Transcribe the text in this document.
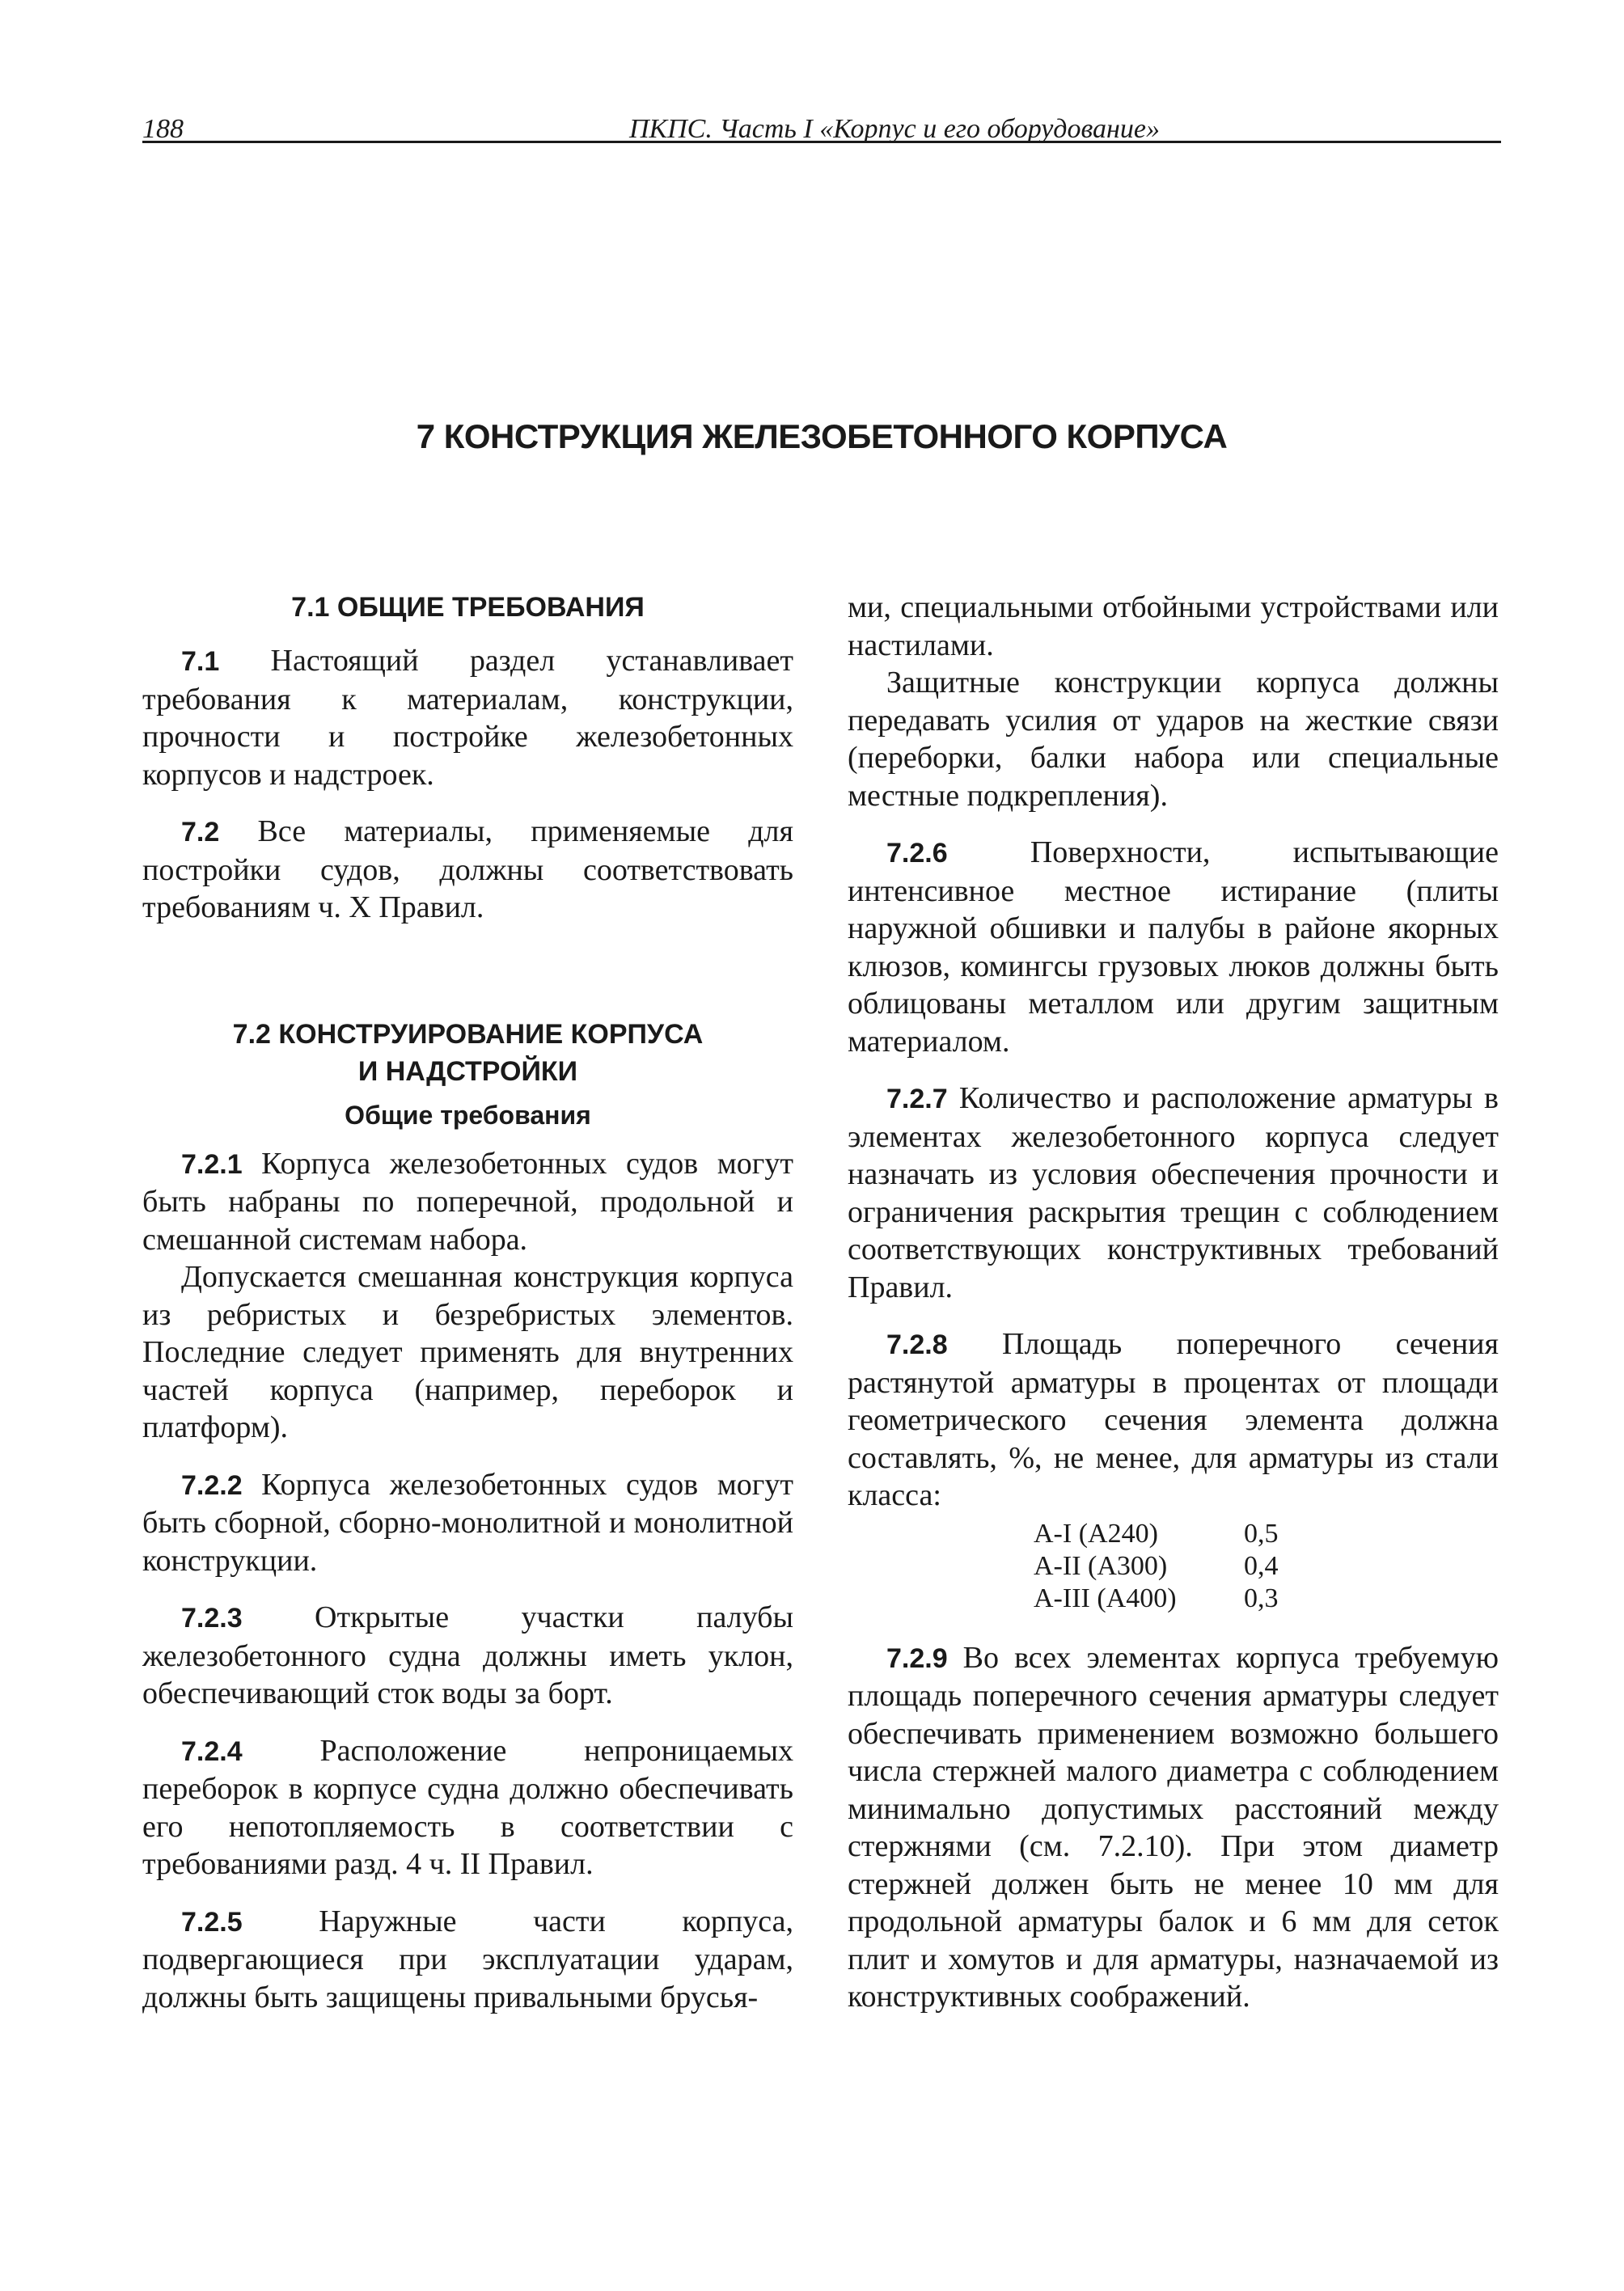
188	ПКПС. Часть I «Корпус и его оборудование»
7 КОНСТРУКЦИЯ ЖЕЛЕЗОБЕТОННОГО КОРПУСА
7.1 ОБЩИЕ ТРЕБОВАНИЯ

7.1 Настоящий раздел устанавливает требования к материалам, конструкции, прочности и постройке железобетонных корпусов и надстроек.

7.2 Все материалы, применяемые для постройки судов, должны соответствовать требованиям ч. X Правил.

7.2 КОНСТРУИРОВАНИЕ КОРПУСА
И НАДСТРОЙКИ
Общие требования

7.2.1 Корпуса железобетонных судов могут быть набраны по поперечной, продольной и смешанной системам набора.

Допускается смешанная конструкция корпуса из ребристых и безребристых элементов. Последние следует применять для внутренних частей корпуса (например, переборок и платформ).

7.2.2 Корпуса железобетонных судов могут быть сборной, сборно-монолитной и монолитной конструкции.

7.2.3 Открытые участки палубы железобетонного судна должны иметь уклон, обеспечивающий сток воды за борт.

7.2.4 Расположение непроницаемых переборок в корпусе судна должно обеспечивать его непотопляемость в соответствии с требованиями разд. 4 ч. II Правил.

7.2.5 Наружные части корпуса, подвергающиеся при эксплуатации ударам, должны быть защищены привальными брусья-

ми, специальными отбойными устройствами или настилами.

Защитные конструкции корпуса должны передавать усилия от ударов на жесткие связи (переборки, балки набора или специальные местные подкрепления).

7.2.6 Поверхности, испытывающие интенсивное местное истирание (плиты наружной обшивки и палубы в районе якорных клюзов, комингсы грузовых люков должны быть облицованы металлом или другим защитным материалом.

7.2.7 Количество и расположение арматуры в элементах железобетонного корпуса следует назначать из условия обеспечения прочности и ограничения раскрытия трещин с соблюдением соответствующих конструктивных требований Правил.

7.2.8 Площадь поперечного сечения растянутой арматуры в процентах от площади геометрического сечения элемента должна составлять, %, не менее, для арматуры из стали класса:

A-I (A240)	0,5
A-II (A300)	0,4
A-III (A400)	0,3

7.2.9 Во всех элементах корпуса требуемую площадь поперечного сечения арматуры следует обеспечивать применением возможно большего числа стержней малого диаметра с соблюдением минимально допустимых расстояний между стержнями (см. 7.2.10). При этом диаметр стержней должен быть не менее 10 мм для продольной арматуры балок и 6 мм для сеток плит и хомутов и для арматуры, назначаемой из конструктивных соображений.
